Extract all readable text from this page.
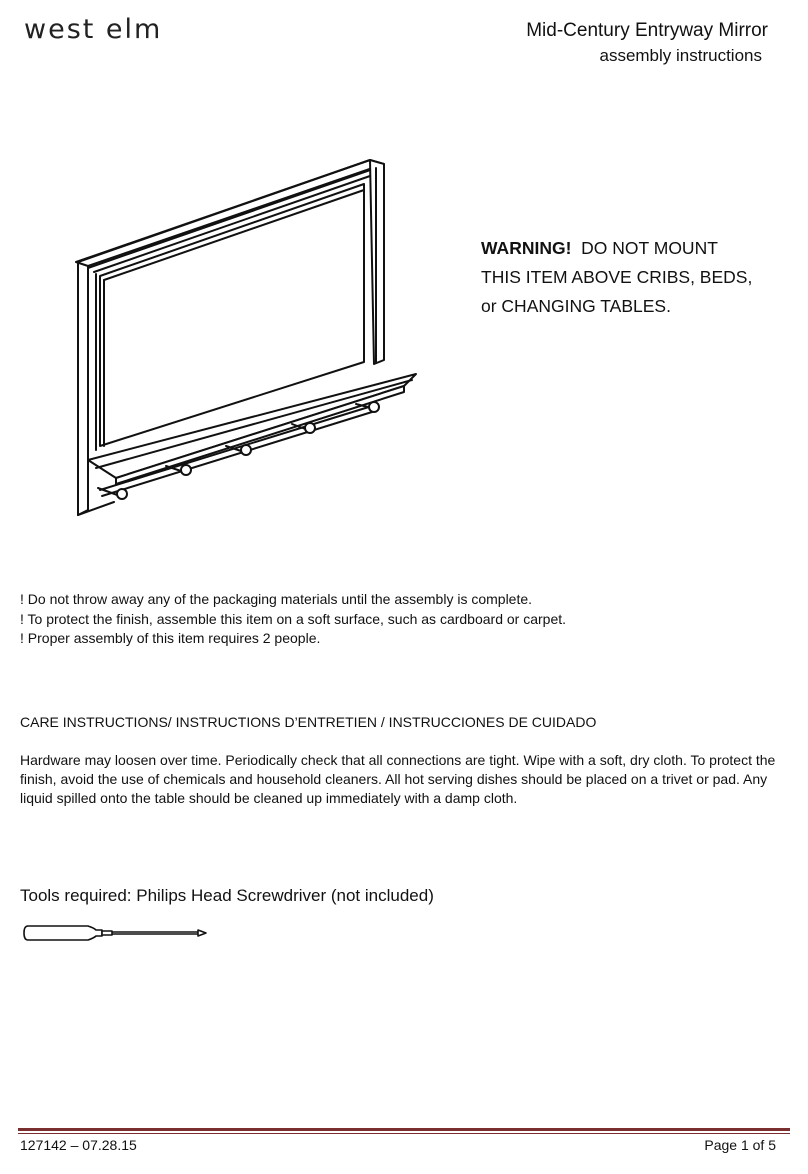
west elm	Mid-Century Entryway Mirror
assembly instructions
WARNING! DO NOT MOUNT
THIS ITEM ABOVE CRIBS, BEDS,
or CHANGING TABLES.
! Do not throw away any of the packaging materials until the assembly is complete.
! To protect the finish, assemble this item on a soft surface, such as cardboard or carpet.
! Proper assembly of this item requires 2 people.
CARE INSTRUCTIONS/ INSTRUCTIONS D’ENTRETIEN / INSTRUCCIONES DE CUIDADO
Hardware may loosen over time. Periodically check that all connections are tight. Wipe with a soft, dry cloth. To protect the finish, avoid the use of chemicals and household cleaners. All hot serving dishes should be placed on a trivet or pad. Any liquid spilled onto the table should be cleaned up immediately with a damp cloth.
Tools required: Philips Head Screwdriver (not included)
127142 – 07.28.15	Page 1 of 5
